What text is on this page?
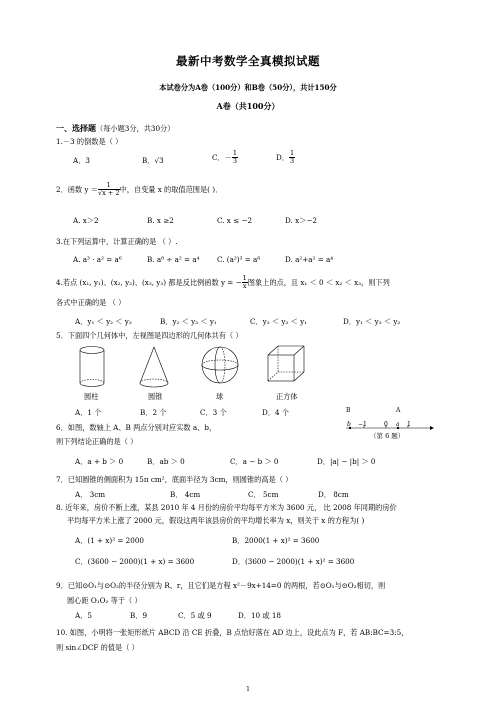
最新中考数学全真模拟试题
本试卷分为A卷（100分）和B卷（50分），共计150分
A卷（共100分）
一、选择题（每小题3分，共30分）
1.－3 的倒数是（ ）
A．3	B．√3	C．－ $\frac{1}{3}$	D． $\frac{1}{3}$
2．函数 $y = \frac{1}{√x + 2}$ 中，自变量 x 的取值范围是( )．
A. x＞2	B. x ≥2	C. x ≤ −2	D. x＞−2
3.在下列运算中，计算正确的是 （ ）.
A. a³ · a² = a⁶	B. a⁸ ÷ a² = a⁴ C. (a²)³ = a⁶	D. a²+a² = a⁴
4.若点 (x₁, y₁)、(x₂, y₂)、(x₃, y₃) 都是反比例函数 y = − $\frac{1}{x}$ 图象上的点，且 x₁ ＜ 0 ＜ x₂ ＜ x₃，则下列
各式中正确的是 （ ）
A．y₁ ＜ y₂ ＜ y₃	B．y₂ ＜ y₃ ＜ y₁	C．y₃ ＜ y₂ ＜ y₁	D．y₁ ＜ y₃ ＜ y₂
5．下面四个几何体中，左视图是四边形的几何体共有（ ）
圆柱	圆锥	球	正方体
A．1 个	B．2 个	C．3 个	D．4 个
6．如图，数轴上 A、B 两点分别对应实数 a、b，
则下列结论正确的是（ ）
A．a + b ＞ 0	B．ab ＞ 0	C．a − b ＞ 0	D．|a| − |b| ＞ 0
B	A
b −1	0 a 1
（第 6 题）
7．已知圆锥的侧面积为 15π cm²，底面半径为 3cm，则圆锥的高是（ ）
A． 3cm	B． 4cm	C． 5cm	D． 8cm
8. 近年来，房价不断上涨，某县 2010 年 4 月份的房价平均每平方米为 3600 元， 比 2008 年同期的房价
平均每平方米上涨了 2000 元，假设这两年该县房价的平均增长率为 x，则关于 x 的方程为( )
A．(1 + x)² = 2000	B．2000(1 + x)² = 3600
C．(3600 − 2000)(1 + x) = 3600	D．(3600 − 2000)(1 + x)² = 3600
9．已知⊙O₁与⊙O₂的半径分别为 R、r，且它们是方程 x²－9x+14=0 的两根，若⊙O₁与⊙O₂相切，则
圆心距 O₁O₂ 等于（ ）
A．5	B．9	C．5 或 9	D．10 或 18
10. 如图，小明将一张矩形纸片 ABCD 沿 CE 折叠，B 点恰好落在 AD 边上，设此点为 F，若 AB:BC=3:5，
则 sin∠DCF 的值是（ ）
1
